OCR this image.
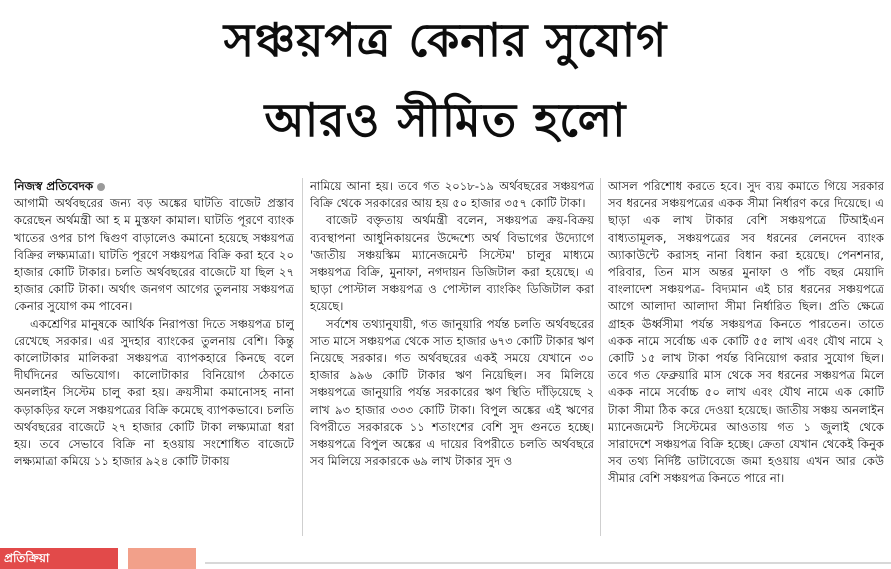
সঞ্চয়পত্র কেনার সুযোগ
আরও সীমিত হলো
নিজস্ব প্রতিবেদক

আগামী অর্থবছরের জন্য বড় অঙ্কের ঘাটতি বাজেট প্রস্তাব করেছেন অর্থমন্ত্রী আ হ ম মুস্তফা কামাল। ঘাটতি পূরণে ব্যাংক খাতের ওপর চাপ দ্বিগুণ বাড়ালেও কমানো হয়েছে সঞ্চয়পত্র বিক্রির লক্ষ্যমাত্রা। ঘাটতি পূরণে সঞ্চয়পত্র বিক্রি করা হবে ২০ হাজার কোটি টাকার। চলতি অর্থবছরের বাজেটে যা ছিল ২৭ হাজার কোটি টাকা। অর্থাৎ জনগণ আগের তুলনায় সঞ্চয়পত্র কেনার সুযোগ কম পাবেন।

একশ্রেণির মানুষকে আর্থিক নিরাপত্তা দিতে সঞ্চয়পত্র চালু রেখেছে সরকার। এর সুদহার ব্যাংকের তুলনায় বেশি। কিন্তু কালোটাকার মালিকরা সঞ্চয়পত্র ব্যাপকহারে কিনছে বলে দীর্ঘদিনের অভিযোগ। কালোটাকার বিনিয়োগ ঠেকাতে অনলাইন সিস্টেম চালু করা হয়। ক্রয়সীমা কমানোসহ নানা কড়াকড়ির ফলে সঞ্চয়পত্রের বিক্রি কমেছে ব্যাপকভাবে। চলতি অর্থবছরের বাজেটে ২৭ হাজার কোটি টাকা লক্ষ্যমাত্রা ধরা হয়। তবে সেভাবে বিক্রি না হওয়ায় সংশোধিত বাজেটে লক্ষ্যমাত্রা কমিয়ে ১১ হাজার ৯২৪ কোটি টাকায়

নামিয়ে আনা হয়। তবে গত ২০১৮-১৯ অর্থবছরের সঞ্চয়পত্র বিক্রি থেকে সরকারের আয় হয় ৫০ হাজার ৩৫৭ কোটি টাকা।

বাজেট বক্তৃতায় অর্থমন্ত্রী বলেন, সঞ্চয়পত্র ক্রয়-বিক্রয় ব্যবস্থাপনা আধুনিকায়নের উদ্দেশ্যে অর্থ বিভাগের উদ্যোগে 'জাতীয় সঞ্চয়স্কিম ম্যানেজমেন্ট সিস্টেম' চালুর মাধ্যমে সঞ্চয়পত্র বিক্রি, মুনাফা, নগদায়ন ডিজিটাল করা হয়েছে। এ ছাড়া পোস্টাল সঞ্চয়পত্র ও পোস্টাল ব্যাংকিং ডিজিটাল করা হয়েছে।

সর্বশেষ তথ্যানুযায়ী, গত জানুয়ারি পর্যন্ত চলতি অর্থবছরের সাত মাসে সঞ্চয়পত্র থেকে সাত হাজার ৬৭৩ কোটি টাকার ঋণ নিয়েছে সরকার। গত অর্থবছরের একই সময়ে যেখানে ৩০ হাজার ৯৯৬ কোটি টাকার ঋণ নিয়েছিল। সব মিলিয়ে সঞ্চয়পত্রে জানুয়ারি পর্যন্ত সরকারের ঋণ স্থিতি দাঁড়িয়েছে ২ লাখ ৯৩ হাজার ৩৩৩ কোটি টাকা। বিপুল অঙ্কের এই ঋণের বিপরীতে সরকারকে ১১ শতাংশের বেশি সুদ গুনতে হচ্ছে। সঞ্চয়পত্রে বিপুল অঙ্কের এ দায়ের বিপরীতে চলতি অর্থবছরে সব মিলিয়ে সরকারকে ৬৯ লাখ টাকার সুদ ও

আসল পরিশোধ করতে হবে। সুদ ব্যয় কমাতে গিয়ে সরকার সব ধরনের সঞ্চয়পত্রের একক সীমা নির্ধারণ করে দিয়েছে। এ ছাড়া এক লাখ টাকার বেশি সঞ্চয়পত্রে টিআইএন বাধ্যতামূলক, সঞ্চয়পত্রের সব ধরনের লেনদেন ব্যাংক অ্যাকাউন্টে করাসহ নানা বিধান করা হয়েছে। পেনশনার, পরিবার, তিন মাস অন্তর মুনাফা ও পাঁচ বছর মেয়াদি বাংলাদেশ সঞ্চয়পত্র- বিদ্যমান এই চার ধরনের সঞ্চয়পত্রে আগে আলাদা আলাদা সীমা নির্ধারিত ছিল। প্রতি ক্ষেত্রে গ্রাহক ঊর্ধ্বসীমা পর্যন্ত সঞ্চয়পত্র কিনতে পারতেন। তাতে একক নামে সর্বোচ্চ এক কোটি ৫৫ লাখ এবং যৌথ নামে ২ কোটি ১৫ লাখ টাকা পর্যন্ত বিনিয়োগ করার সুযোগ ছিল। তবে গত ফেব্রুয়ারি মাস থেকে সব ধরনের সঞ্চয়পত্র মিলে একক নামে সর্বোচ্চ ৫০ লাখ এবং যৌথ নামে এক কোটি টাকা সীমা ঠিক করে দেওয়া হয়েছে। জাতীয় সঞ্চয় অনলাইন ম্যানেজমেন্ট সিস্টেমের আওতায় গত ১ জুলাই থেকে সারাদেশে সঞ্চয়পত্র বিক্রি হচ্ছে। ক্রেতা যেখান থেকেই কিনুক সব তথ্য নির্দিষ্ট ডাটাবেজে জমা হওয়ায় এখন আর কেউ সীমার বেশি সঞ্চয়পত্র কিনতে পারে না।

প্রতিক্রিয়া
